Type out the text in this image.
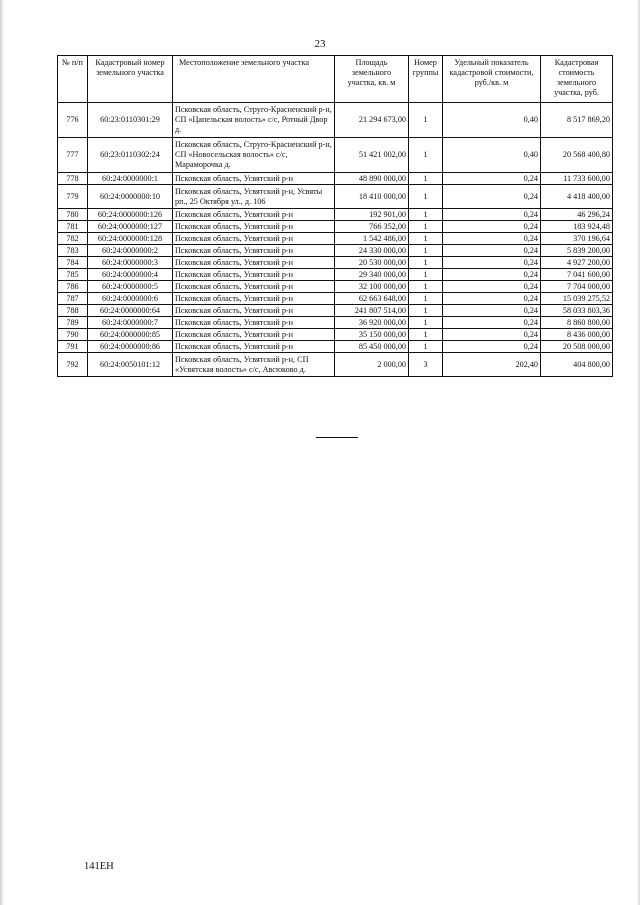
23
№ п/п	Кадастровый номер земельного участка	Местоположение земельного участка	Площадь земельного участка, кв. м	Номер группы	Удельный показатель кадастровой стоимости, руб./кв. м	Кадастровая стоимость земельного участка, руб.
776	60:23:0110301:29	Псковская область, Струго-Красненский р-н, СП «Цапельская волость» с/с, Ротный Двор д.	21 294 673,00	1	0,40	8 517 869,20
777	60:23:0110302:24	Псковская область, Струго-Красненский р-н, СП «Новосельская волость» с/с, Мараморочка д.	51 421 002,00	1	0,40	20 568 400,80
778	60:24:0000000:1	Псковская область, Усвятский р-н	48 890 000,00	1	0,24	11 733 600,00
779	60:24:0000000:10	Псковская область, Усвятский р-н, Усвяты рп., 25 Октября ул., д. 106	18 410 000,00	1	0,24	4 418 400,00
780	60:24:0000000:126	Псковская область, Усвятский р-н	192 901,00	1	0,24	46 296,24
781	60:24:0000000:127	Псковская область, Усвятский р-н	766 352,00	1	0,24	183 924,48
782	60:24:0000000:128	Псковская область, Усвятский р-н	1 542 486,00	1	0,24	370 196,64
783	60:24:0000000:2	Псковская область, Усвятский р-н	24 330 000,00	1	0,24	5 839 200,00
784	60:24:0000000:3	Псковская область, Усвятский р-н	20 530 000,00	1	0,24	4 927 200,00
785	60:24:0000000:4	Псковская область, Усвятский р-н	29 340 000,00	1	0,24	7 041 600,00
786	60:24:0000000:5	Псковская область, Усвятский р-н	32 100 000,00	1	0,24	7 704 000,00
787	60:24:0000000:6	Псковская область, Усвятский р-н	62 663 648,00	1	0,24	15 039 275,52
788	60:24:0000000:64	Псковская область, Усвятский р-н	241 807 514,00	1	0,24	58 033 803,36
789	60:24:0000000:7	Псковская область, Усвятский р-н	36 920 000,00	1	0,24	8 860 800,00
790	60:24:0000000:85	Псковская область, Усвятский р-н	35 150 000,00	1	0,24	8 436 000,00
791	60:24:0000000:86	Псковская область, Усвятский р-н	85 450 000,00	1	0,24	20 508 000,00
792	60:24:0050101:12	Псковская область, Усвятский р-н, СП «Усвятская волость» с/с, Авсюково д.	2 000,00	3	202,40	404 800,00
141ЕН
